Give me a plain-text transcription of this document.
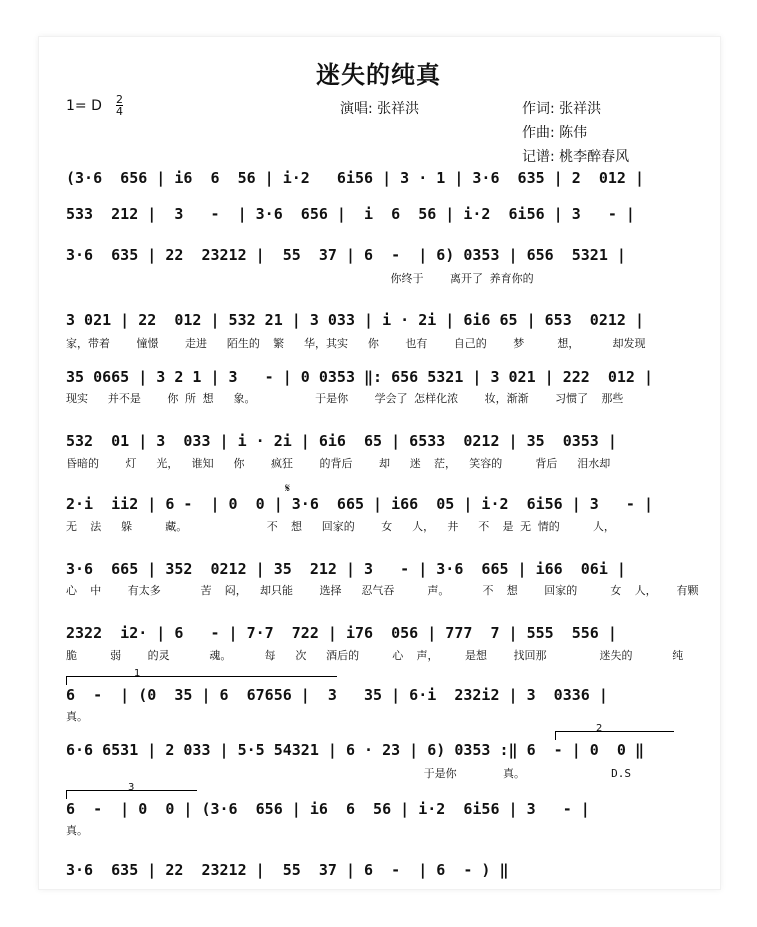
迷失的纯真
1= D 2
4	演唱: 张祥洪	作词: 张祥洪
作曲: 陈伟
记谱: 桃李醉春风
(3·6  656 | i6  6  56 | i·2   6i56 | 3 · 1 | 3·6  635 | 2  012 |
533  212 |  3   -  | 3·6  656 |  i  6  56 | i·2  6i56 | 3   - |
3·6  635 | 22  23212 |  55  37 | 6  -  | 6) 0353 | 656  5321 |
你终于    离开了 养育你的
3 021 | 22  012 | 532 21 | 3 033 | i · 2i | 6i6 65 | 653  0212 |
家，带着    憧憬    走进   陌生的  繁   华，其实   你    也有    自己的    梦     想，     却发现
35 0665 | 3 2 1 | 3   - | 0 0353 ‖: 656 5321 | 3 021 | 222  012 |
现实   并不是    你 所 想   象。         于是你    学会了 怎样化浓    妆，渐渐    习惯了  那些
532  01 | 3  033 | i · 2i | 6i6  65 | 6533  0212 | 35  0353 |
昏暗的    灯   光，  谁知   你    疯狂    的背后    却   迷  茫，  笑容的     背后   泪水却
𝄋
2·i  ii2 | 6 -  | 0  0 | 3·6  665 | i66  05 | i·2  6i56 | 3   - |
无  法   躲     藏。            不  想   回家的    女   人，  井   不  是 无 情的     人，
3·6  665 | 352  0212 | 35  212 | 3   - | 3·6  665 | i66  06i |
心  中    有太多      苦  闷，  却只能    选择   忍气吞     声。     不  想    回家的     女  人，   有颗
2322  i2· | 6   - | 7·7  722 | i76  056 | 777  7 | 555  556 |
脆     弱    的灵      魂。     每   次   酒后的     心  声，    是想    找回那        迷失的      纯
1
6  -  | (0  35 | 6  67656 |  3   35 | 6·i  232i2 | 3  0336 |
真。
2
6·6 6531 | 2 033 | 5·5 54321 | 6 · 23 | 6) 0353 :‖ 6  - | 0  0 ‖
于是你       真。             D.S
3
6  -  | 0  0 | (3·6  656 | i6  6  56 | i·2  6i56 | 3   - |
真。
3·6  635 | 22  23212 |  55  37 | 6  -  | 6  - ) ‖
